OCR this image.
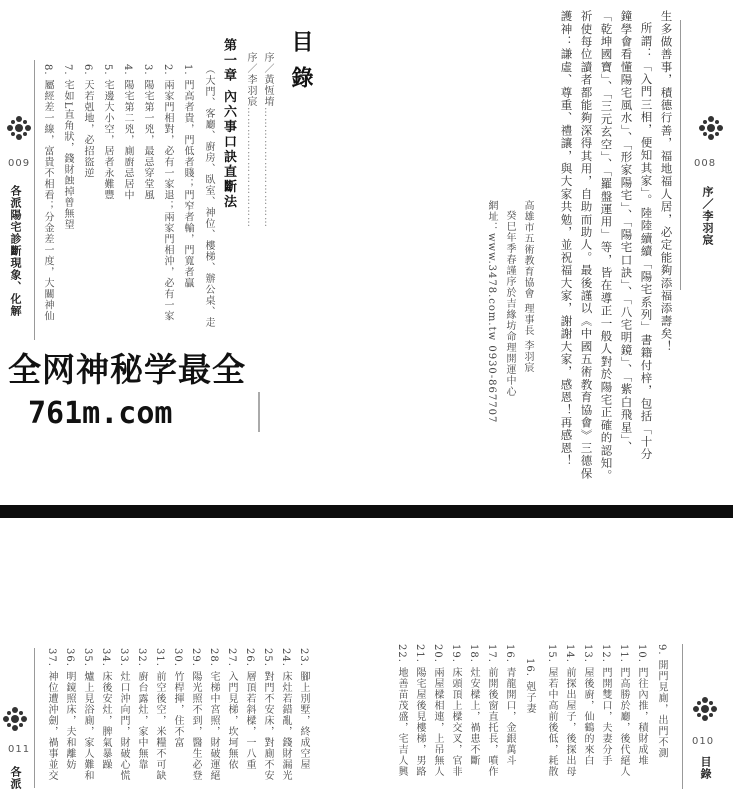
009
各派陽宅診斷現象、化解 8. 屬經差一線，富貴不相看；分金差一度，大關神仙 7. 宅如L直角狀，錢財蝕掉曾無望 6. 天若剋地，必招盜逆 5. 宅邊大小空，居者永難豐 4. 陽宅第二兇，廁廚忌居中 3. 陽宅第一兇，最忌穿堂風 2. 兩家門相對，必有一家退；兩家門相沖，必有一家 1. 門高者貴，門低者賤；門窄者輸，門寬者贏 （大門、客廳、廚房、臥室、神位、樓梯、辦公桌、走 第一章 內六事口訣直斷法 序／李羽宸 …………………………… 序／黃恆堉 …………………………… 目錄
網址：www.3478.com.tw 0930-867707 癸巳年季春謹序於吉緣坊命理開運中心 高雄市五術教育協會 理事長 李羽宸 護神：謙虛、尊重、禮讓，與大家共勉，並祝福大家，謝謝大家，感恩！再感恩！ 祈使每位讀者都能夠深得其用，自助而助人。最後謹以《中國五術教育協會》三德保 「乾坤國寶」、「三元玄空」、「羅盤運用」等，皆在導正一般人對於陽宅正確的認知。 鐘學會看懂陽宅風水」、「形家陽宅」、「陽宅口訣」、「八宅明鏡」、「紫白飛星」、 所謂：「入門三相，便知其家」。陸陸續續「陽宅系列」書籍付梓，包括「十分 生多做善事，積德行善，福地福人居，必定能夠添福添壽矣！ 008
序／李羽宸
全网神秘学最全
761m.com
011
各派 37. 神位遭沖劍，禍事並交 36. 明鏡照床，夫和離妨 35. 爐上見浴廁，家人難和 34. 床後安灶，脾氣暴躁 33. 灶口沖向門，財破心慌 32. 廚台露灶，家中無靠 31. 前空後空，米糧不可缺 30. 竹桿揮，住不富 29. 陽光照不到，醫生必登 28. 宅梯中宮照，財破運絕 27. 入門見梯，坎坷無依 26. 層頂若斜樑，一八重 25. 對門不安床，對廁不安 24. 床灶若錯亂，錢財漏光 23. 腳上別墅，終成空屋	22. 地善苗茂盛，宅吉人興 21. 陽宅屋後見樓梯，男路 20. 兩屋樑相連，上吊無人 19. 床頭頂上樑交叉，官非 18. 灶安樑上，禍患不斷 17. 前開後窗直托長，噴作 16. 青龍開口，金銀萬斗 16. 剋子妻 15. 屋若中高前後低，耗散 14. 前探出屋子，後探出母 13. 屋後廚，仙鶴的來白 12. 門開雙口，夫妻分手 11. 門高勝於廳，後代絕人 10. 門往內推，積財成堆 9. 開門見廁，出門不測	010
目錄
